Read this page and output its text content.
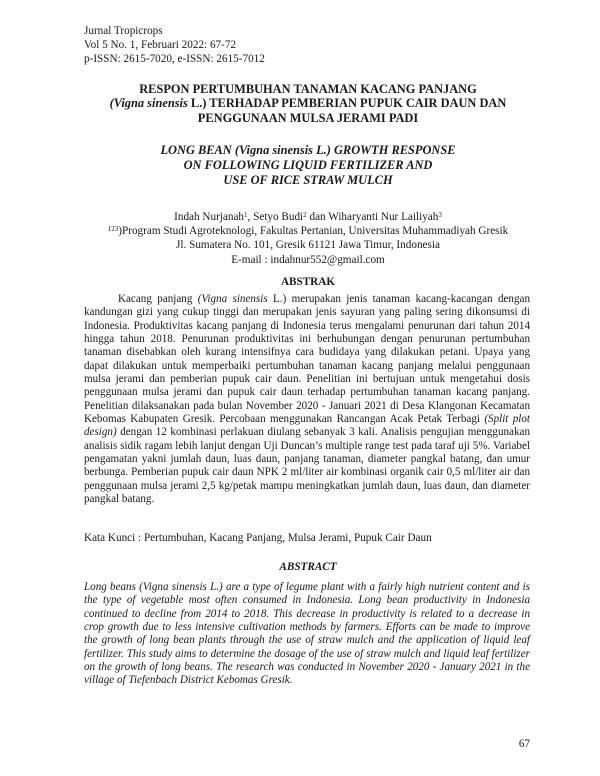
Jurnal Tropicrops
Vol 5 No. 1, Februari 2022: 67-72
p-ISSN: 2615-7020, e-ISSN: 2615-7012
RESPON PERTUMBUHAN TANAMAN KACANG PANJANG
(Vigna sinensis L.) TERHADAP PEMBERIAN PUPUK CAIR DAUN DAN
PENGGUNAAN MULSA JERAMI PADI
LONG BEAN (Vigna sinensis L.) GROWTH RESPONSE
ON FOLLOWING LIQUID FERTILIZER AND
USE OF RICE STRAW MULCH
Indah Nurjanah$^1$, Setyo Budi$^2$ dan Wiharyanti Nur Lailiyah$^3$
$^{123}$)Program Studi Agroteknologi, Fakultas Pertanian, Universitas Muhammadiyah Gresik
Jl. Sumatera No. 101, Gresik 61121 Jawa Timur, Indonesia
E-mail : indahnur552@gmail.com
ABSTRAK
Kacang panjang (Vigna sinensis L.) merupakan jenis tanaman kacang-kacangan dengan kandungan gizi yang cukup tinggi dan merupakan jenis sayuran yang paling sering dikonsumsi di Indonesia. Produktivitas kacang panjang di Indonesia terus mengalami penurunan dari tahun 2014 hingga tahun 2018. Penurunan produktivitas ini berhubungan dengan penurunan pertumbuhan tanaman disebabkan oleh kurang intensifnya cara budidaya yang dilakukan petani. Upaya yang dapat dilakukan untuk memperbaiki pertumbuhan tanaman kacang panjang melalui penggunaan mulsa jerami dan pemberian pupuk cair daun. Penelitian ini bertujuan untuk mengetahui dosis penggunaan mulsa jerami dan pupuk cair daun terhadap pertumbuhan tanaman kacang panjang. Penelitian dilaksanakan pada bulan November 2020 - Januari 2021 di Desa Klangonan Kecamatan Kebomas Kabupaten Gresik. Percobaan menggunakan Rancangan Acak Petak Terbagi (Split plot design) dengan 12 kombinasi perlakuan diulang sebanyak 3 kali. Analisis pengujian menggunakan analisis sidik ragam lebih lanjut dengan Uji Duncan’s multiple range test pada taraf uji 5%. Variabel pengamatan yakni jumlah daun, luas daun, panjang tanaman, diameter pangkal batang, dan umur berbunga. Pemberian pupuk cair daun NPK 2 ml/liter air kombinasi organik cair 0,5 ml/liter air dan penggunaan mulsa jerami 2,5 kg/petak mampu meningkatkan jumlah daun, luas daun, dan diameter pangkal batang.
Kata Kunci : Pertumbuhan, Kacang Panjang, Mulsa Jerami, Pupuk Cair Daun
ABSTRACT
Long beans (Vigna sinensis L.) are a type of legume plant with a fairly high nutrient content and is the type of vegetable most often consumed in Indonesia. Long bean productivity in Indonesia continued to decline from 2014 to 2018. This decrease in productivity is related to a decrease in crop growth due to less intensive cultivation methods by farmers. Efforts can be made to improve the growth of long bean plants through the use of straw mulch and the application of liquid leaf fertilizer. This study aims to determine the dosage of the use of straw mulch and liquid leaf fertilizer on the growth of long beans. The research was conducted in November 2020 - January 2021 in the village of Tiefenbach District Kebomas Gresik.
67
